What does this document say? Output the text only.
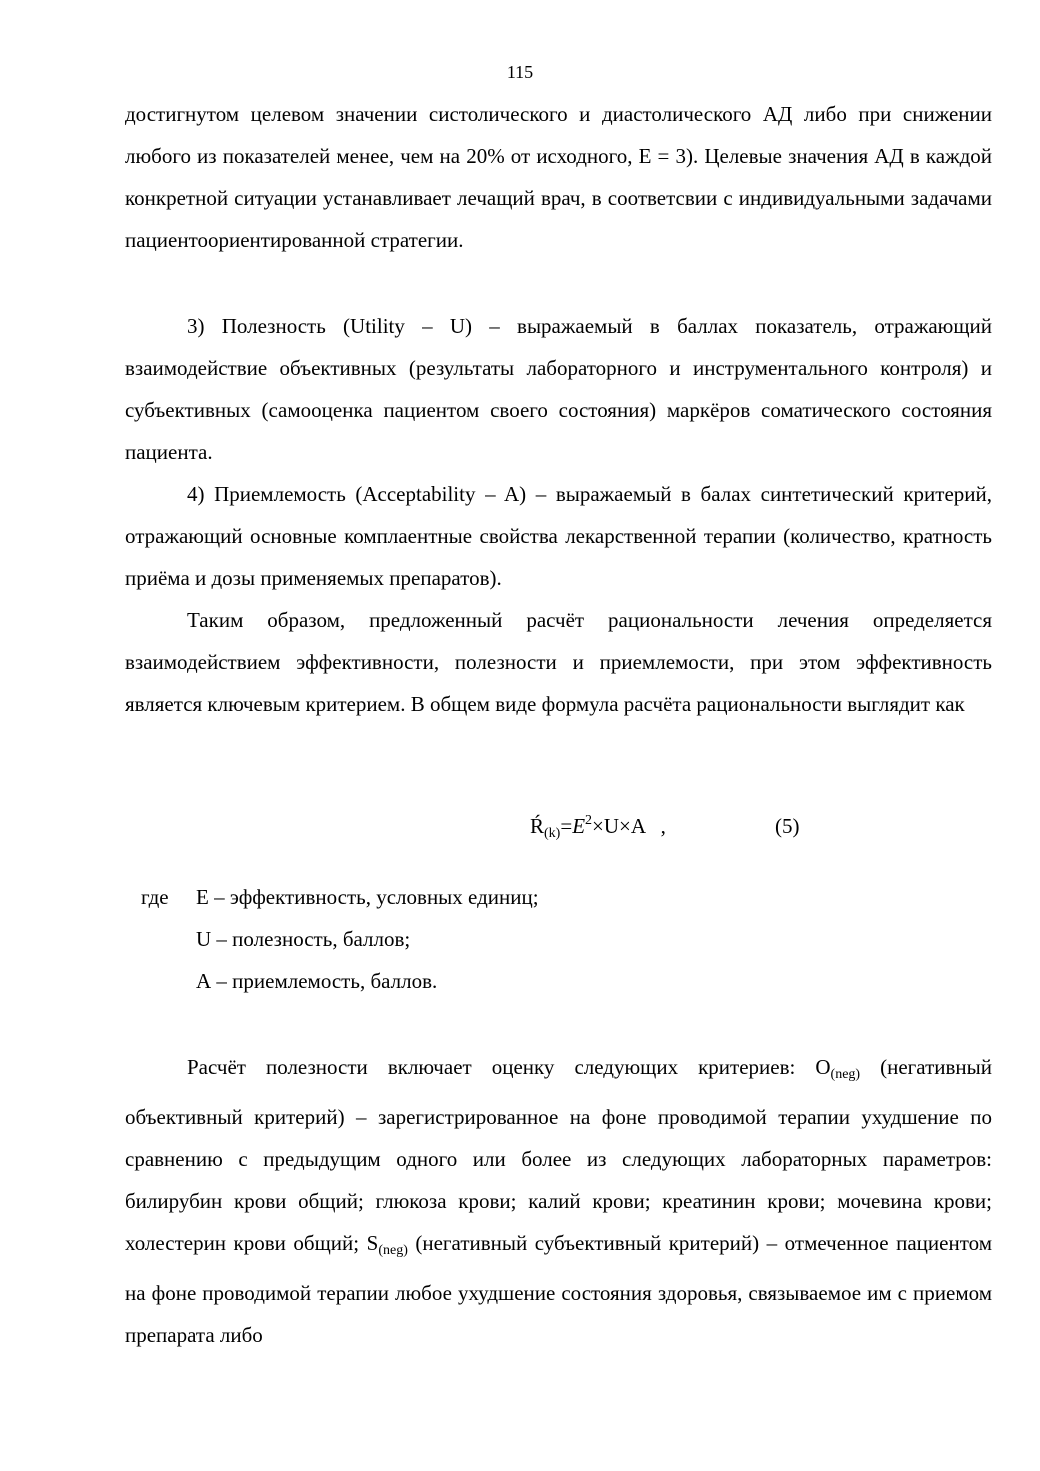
115

достигнутом целевом значении систолического и диастолического АД либо при снижении любого из показателей менее, чем на 20% от исходного, Е = 3). Целевые значения АД в каждой конкретной ситуации устанавливает лечащий врач, в соответсвии с индивидуальными задачами пациентоориентированной стратегии.

3) Полезность (Utility – U) – выражаемый в баллах показатель, отражающий взаимодействие объективных (результаты лабораторного и инструментального контроля) и субъективных (самооценка пациентом своего состояния) маркёров соматического состояния пациента.

4) Приемлемость (Acceptability – A) – выражаемый в балах синтетический критерий, отражающий основные комплаентные свойства лекарственной терапии (количество, кратность приёма и дозы применяемых препаратов).

Таким образом, предложенный расчёт рациональности лечения определяется взаимодействием эффективности, полезности и приемлемости, при этом эффективность является ключевым критерием. В общем виде формула расчёта рациональности выглядит как

$Ŕ_{(k)}=E^2\times U\times A$   ,	(5)
где Е – эффективность, условных единиц;
U – полезность, баллов;
А – приемлемость, баллов.

Расчёт полезности включает оценку следующих критериев: $O_{(neg)}$ (негативный объективный критерий) – зарегистрированное на фоне проводимой терапии ухудшение по сравнению с предыдущим одного или более из следующих лабораторных параметров: билирубин крови общий; глюкоза крови; калий крови; креатинин крови; мочевина крови; холестерин крови общий; $S_{(neg)}$ (негативный субъективный критерий) – отмеченное пациентом на фоне проводимой терапии любое ухудшение состояния здоровья, связываемое им с приемом препарата либо
